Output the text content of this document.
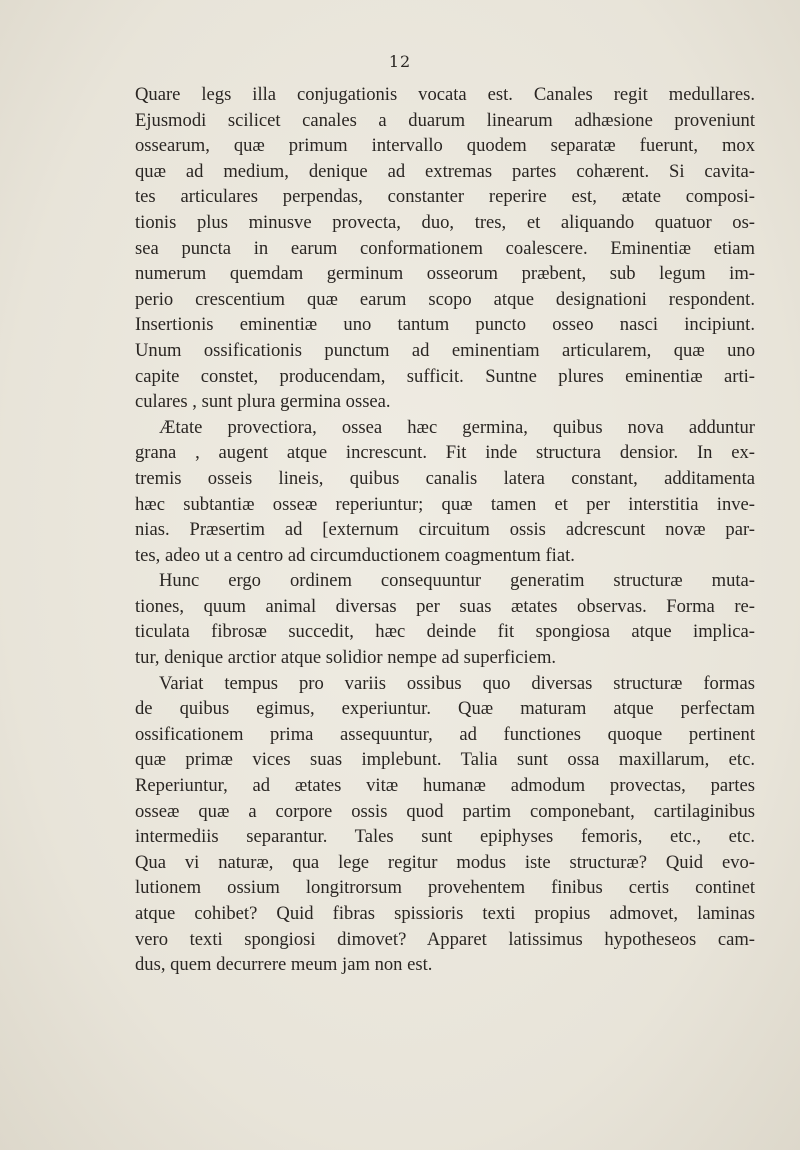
12
Quare legs illa conjugationis vocata est. Canales regit medullares.
Ejusmodi scilicet canales a duarum linearum adhæsione proveniunt
ossearum, quæ primum intervallo quodem separatæ fuerunt, mox
quæ ad medium, denique ad extremas partes cohærent. Si cavita-
tes articulares perpendas, constanter reperire est, ætate composi-
tionis plus minusve provecta, duo, tres, et aliquando quatuor os-
sea puncta in earum conformationem coalescere. Eminentiæ etiam
numerum quemdam germinum osseorum præbent, sub legum im-
perio crescentium quæ earum scopo atque designationi respondent.
Insertionis eminentiæ uno tantum puncto osseo nasci incipiunt.
Unum ossificationis punctum ad eminentiam articularem, quæ uno
capite constet, producendam, sufficit. Suntne plures eminentiæ arti-
culares , sunt plura germina ossea.
Ætate provectiora, ossea hæc germina, quibus nova adduntur
grana , augent atque increscunt. Fit inde structura densior. In ex-
tremis osseis lineis, quibus canalis latera constant, additamenta
hæc subtantiæ osseæ reperiuntur; quæ tamen et per interstitia inve-
nias. Præsertim ad [externum circuitum ossis adcrescunt novæ par-
tes, adeo ut a centro ad circumductionem coagmentum fiat.
Hunc ergo ordinem consequuntur generatim structuræ muta-
tiones, quum animal diversas per suas ætates observas. Forma re-
ticulata fibrosæ succedit, hæc deinde fit spongiosa atque implica-
tur, denique arctior atque solidior nempe ad superficiem.
Variat tempus pro variis ossibus quo diversas structuræ formas
de quibus egimus, experiuntur. Quæ maturam atque perfectam
ossificationem prima assequuntur, ad functiones quoque pertinent
quæ primæ vices suas implebunt. Talia sunt ossa maxillarum, etc.
Reperiuntur, ad ætates vitæ humanæ admodum provectas, partes
osseæ quæ a corpore ossis quod partim componebant, cartilaginibus
intermediis separantur. Tales sunt epiphyses femoris, etc., etc.
Qua vi naturæ, qua lege regitur modus iste structuræ? Quid evo-
lutionem ossium longitrorsum provehentem finibus certis continet
atque cohibet? Quid fibras spissioris texti propius admovet, laminas
vero texti spongiosi dimovet? Apparet latissimus hypotheseos cam-
dus, quem decurrere meum jam non est.
